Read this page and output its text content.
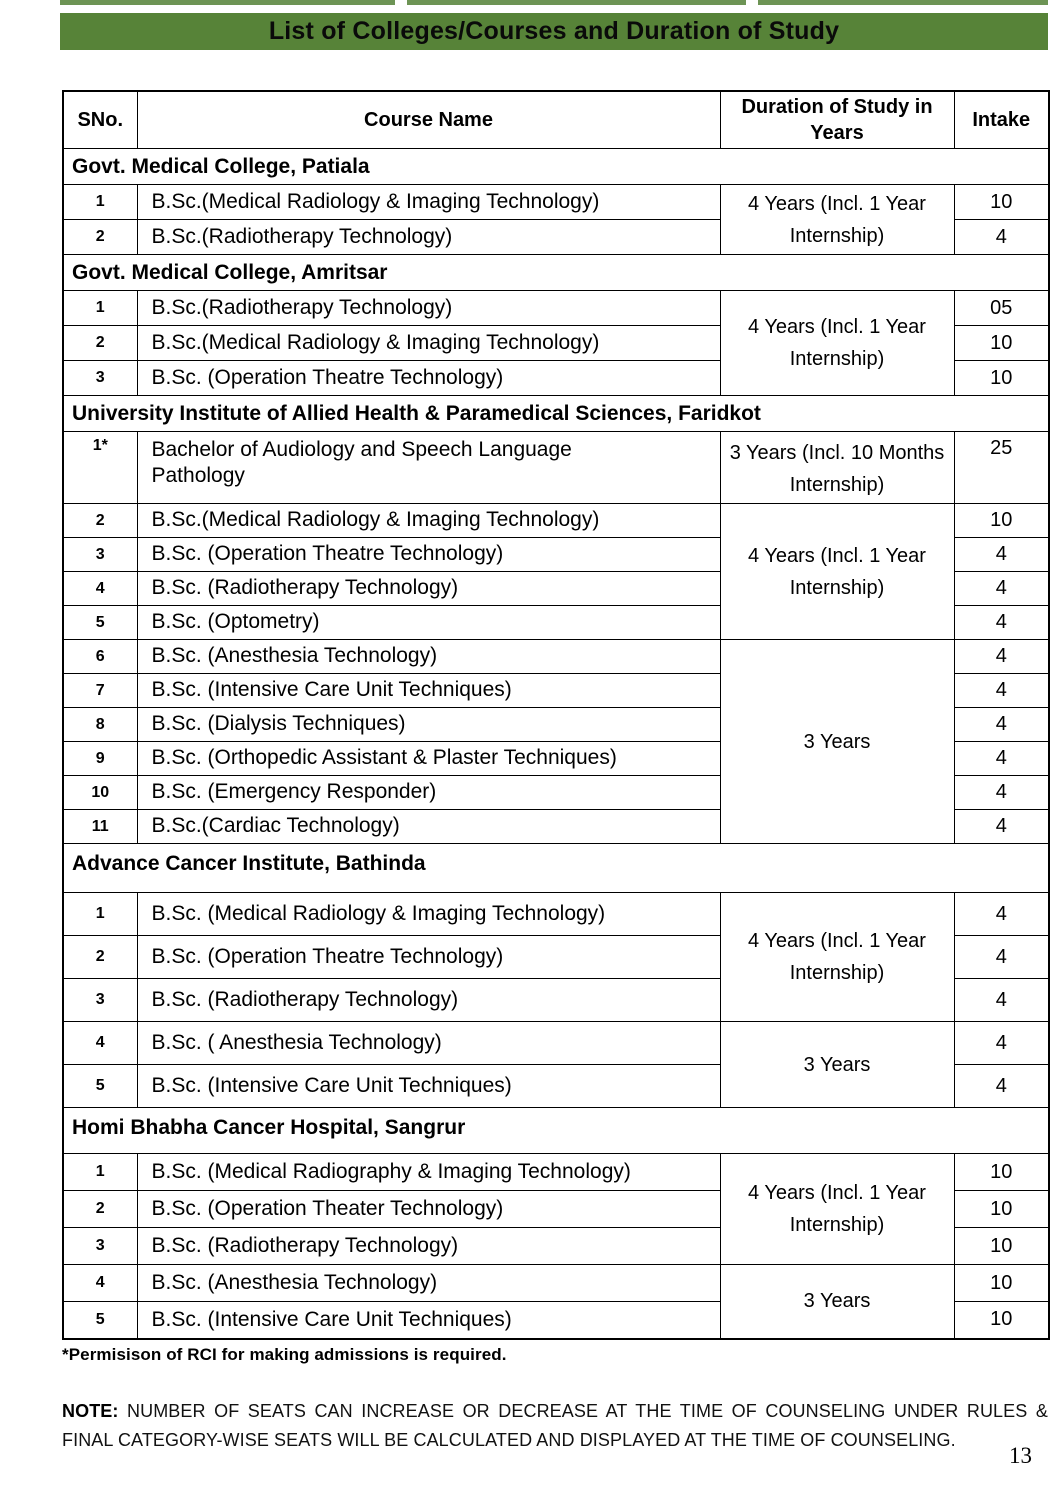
List of Colleges/Courses and Duration of Study
SNo.	Course Name	Duration of Study in Years	Intake
Govt. Medical College, Patiala			
1	B.Sc.(Medical Radiology & Imaging Technology)	4 Years (Incl. 1 Year Internship)	10
2	B.Sc.(Radiotherapy Technology)		4
Govt. Medical College, Amritsar			
1	B.Sc.(Radiotherapy Technology)	4 Years (Incl. 1 Year Internship)	05
2	B.Sc.(Medical Radiology & Imaging Technology)		10
3	B.Sc. (Operation Theatre Technology)		10
University Institute of Allied Health & Paramedical Sciences, Faridkot			
1*	Bachelor of Audiology and Speech Language Pathology	3 Years (Incl. 10 Months Internship)	25
2	B.Sc.(Medical Radiology & Imaging Technology)	4 Years (Incl. 1 Year Internship)	10
3	B.Sc. (Operation Theatre Technology)		4
4	B.Sc. (Radiotherapy Technology)		4
5	B.Sc. (Optometry)		4
6	B.Sc. (Anesthesia Technology)	3 Years	4
7	B.Sc. (Intensive Care Unit Techniques)		4
8	B.Sc. (Dialysis Techniques)		4
9	B.Sc. (Orthopedic Assistant & Plaster Techniques)		4
10	B.Sc. (Emergency Responder)		4
11	B.Sc.(Cardiac Technology)		4
Advance Cancer Institute, Bathinda			
1	B.Sc. (Medical Radiology & Imaging Technology)	4 Years (Incl. 1 Year Internship)	4
2	B.Sc. (Operation Theatre Technology)		4
3	B.Sc. (Radiotherapy Technology)		4
4	B.Sc. ( Anesthesia Technology)	3 Years	4
5	B.Sc. (Intensive Care Unit Techniques)		4
Homi Bhabha Cancer Hospital, Sangrur			
1	B.Sc. (Medical Radiography & Imaging Technology)	4 Years (Incl. 1 Year Internship)	10
2	B.Sc. (Operation Theater Technology)		10
3	B.Sc. (Radiotherapy Technology)		10
4	B.Sc. (Anesthesia Technology)	3 Years	10
5	B.Sc. (Intensive Care Unit Techniques)		10

*Permisison of RCI for making admissions is required.

NOTE: NUMBER OF SEATS CAN INCREASE OR DECREASE AT THE TIME OF COUNSELING UNDER RULES & FINAL CATEGORY-WISE SEATS WILL BE CALCULATED AND DISPLAYED AT THE TIME OF COUNSELING.

13
